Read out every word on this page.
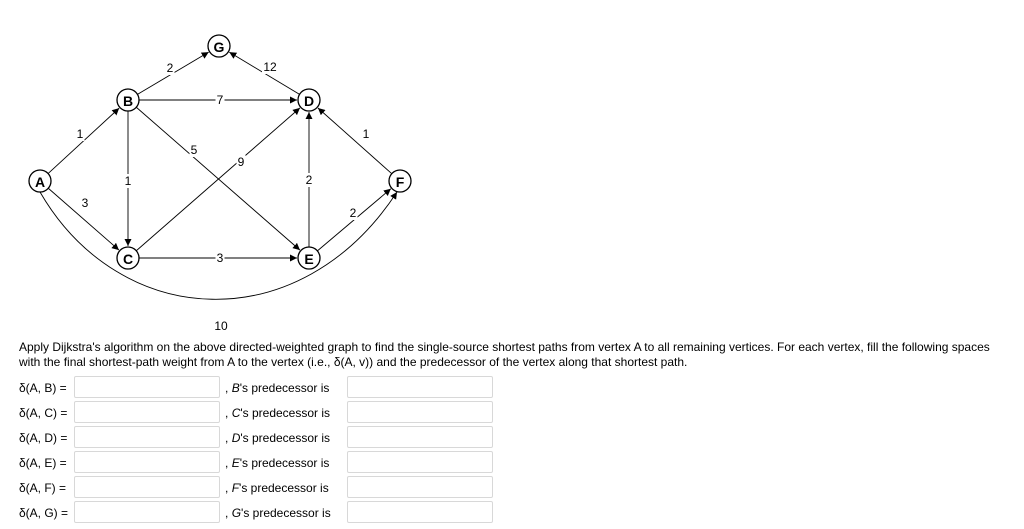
1
3
10
2
7
1
5
9
3
12
2
2
1
A
B
C
D
E
F
G

Apply Dijkstra's algorithm on the above directed-weighted graph to find the single-source shortest paths from vertex A to all remaining vertices. For each vertex, fill the following spaces with the final shortest-path weight from A to the vertex (i.e., δ(A, v)) and the predecessor of the vertex along that shortest path.

δ(A, B) =	, B's predecessor is
δ(A, C) =	, C's predecessor is
δ(A, D) =	, D's predecessor is
δ(A, E) =	, E's predecessor is
δ(A, F) =	, F's predecessor is
δ(A, G) =	, G's predecessor is
